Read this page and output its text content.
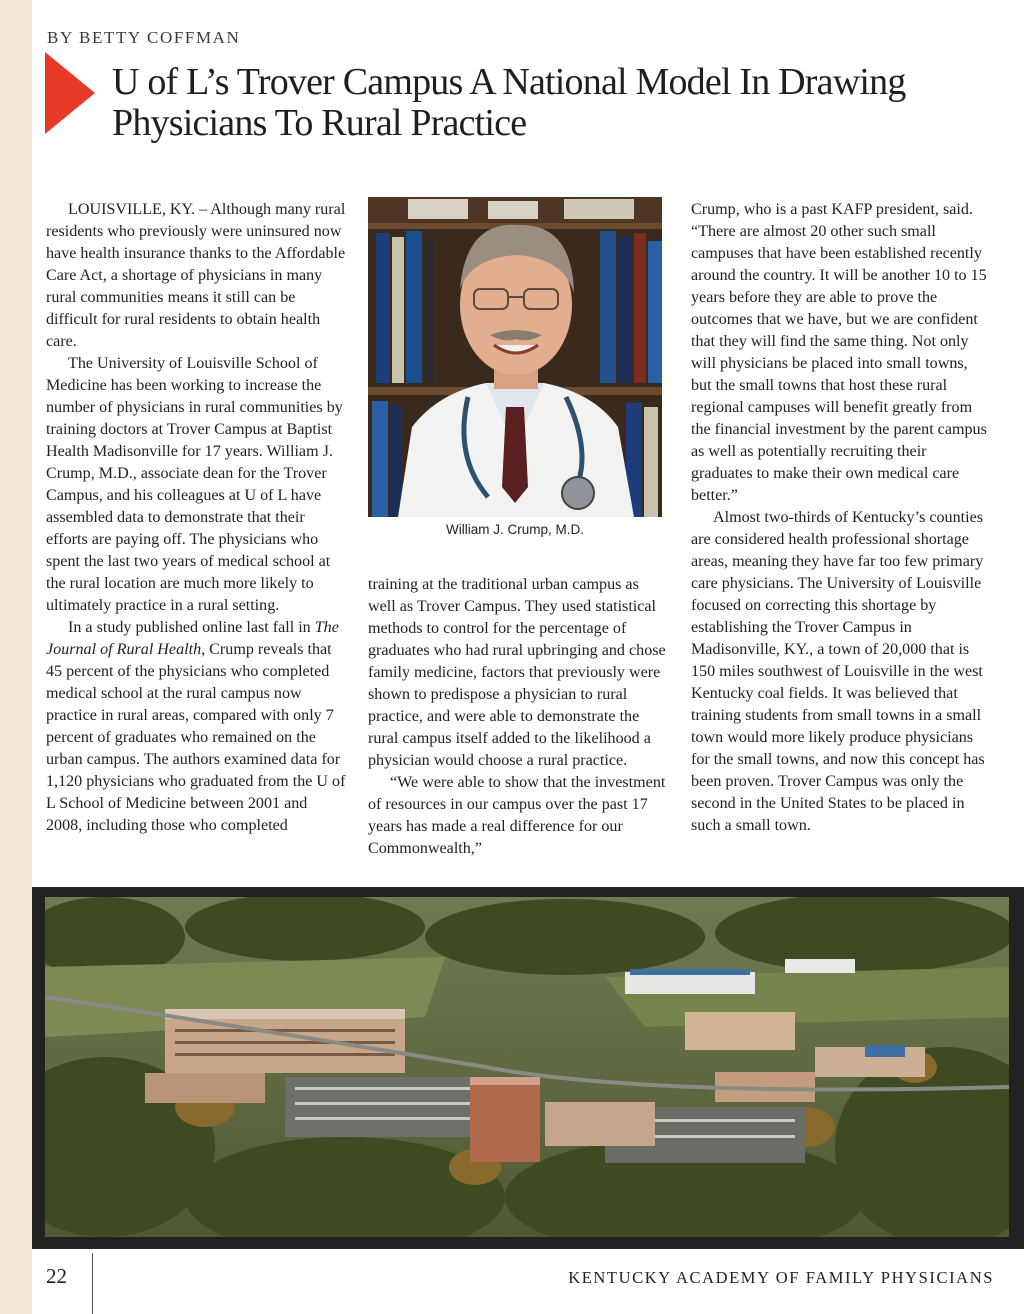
BY BETTY COFFMAN
U of L’s Trover Campus A National Model In Drawing Physicians To Rural Practice

LOUISVILLE, KY. – Although many rural residents who previously were uninsured now have health insurance thanks to the Affordable Care Act, a shortage of physicians in many rural communities means it still can be difficult for rural residents to obtain health care.

The University of Louisville School of Medicine has been working to increase the number of physicians in rural communities by training doctors at Trover Campus at Baptist Health Madisonville for 17 years. William J. Crump, M.D., associate dean for the Trover Campus, and his colleagues at U of L have assembled data to demonstrate that their efforts are paying off. The physicians who spent the last two years of medical school at the rural location are much more likely to ultimately practice in a rural setting.

In a study published online last fall in The Journal of Rural Health, Crump reveals that 45 percent of the physicians who completed medical school at the rural campus now practice in rural areas, compared with only 7 percent of graduates who remained on the urban campus. The authors examined data for 1,120 physicians who graduated from the U of L School of Medicine between 2001 and 2008, including those who completed

William J. Crump, M.D.

training at the traditional urban campus as well as Trover Campus. They used statistical methods to control for the percentage of graduates who had rural upbringing and chose family medicine, factors that previously were shown to predispose a physician to rural practice, and were able to demonstrate the rural campus itself added to the likelihood a physician would choose a rural practice.

“We were able to show that the investment of resources in our campus over the past 17 years has made a real difference for our Commonwealth,”

Crump, who is a past KAFP president, said. “There are almost 20 other such small campuses that have been established recently around the country. It will be another 10 to 15 years before they are able to prove the outcomes that we have, but we are confident that they will find the same thing. Not only will physicians be placed into small towns, but the small towns that host these rural regional campuses will benefit greatly from the financial investment by the parent campus as well as potentially recruiting their graduates to make their own medical care better.”

Almost two-thirds of Kentucky’s counties are considered health professional shortage areas, meaning they have far too few primary care physicians. The University of Louisville focused on correcting this shortage by establishing the Trover Campus in Madisonville, KY., a town of 20,000 that is 150 miles southwest of Louisville in the west Kentucky coal fields. It was believed that training students from small towns in a small town would more likely produce physicians for the small towns, and now this concept has been proven. Trover Campus was only the second in the United States to be placed in such a small town.

22	KENTUCKY ACADEMY OF FAMILY PHYSICIANS
